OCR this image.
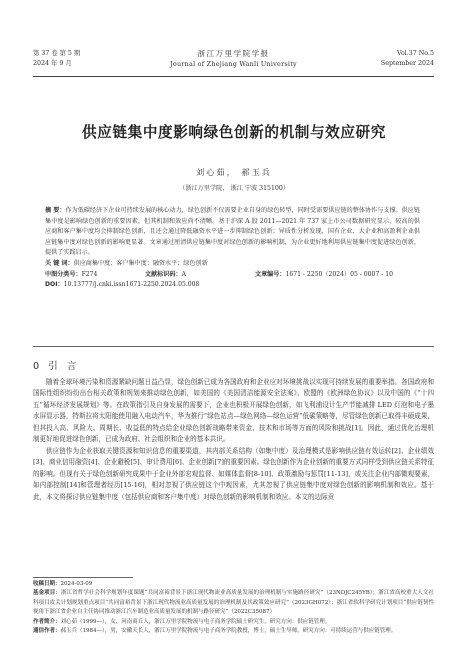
第 37 卷 第 5 期
2024 年 9 月
浙江万里学院学报
Journal of Zhejiang Wanli University
Vol.37 No.5
September 2024
供应链集中度影响绿色创新的机制与效应研究
刘心茹， 郝玉兵
（浙江万里学院， 浙江 宁波 315100）

摘 要：作为低碳经济下企业可持续发展的核心动力，绿色创新不仅需要企业自身的绿色转型，同时受需要供应链的整体协作与支撑。供应链集中度是影响绿色创新的重要因素，但其机制和效应尚不清晰。基于沪深 A 股 2011—2021 年 737 家上市公司数据研究显示，较高的供应商和客户集中度均会抑制绿色创新，且还会通过降低融资水平进一步抑制绿色创新；异质性分析发现，国有企业、大企业和高盈利企业供应链集中度对绿色创新的影响更显著。文章通过厘清供应链集中度对绿色创新的影响机制，为企业更好地利用供应链集中度促进绿色创新，提供了实践启示。

关 键 词：供应商集中度；客户集中度；融资水平；绿色创新

中图分类号：F274	文献标识码：A	文章编号：1671 - 2250（2024）05 - 0007 - 10

DOI：10.13777/j.cnki.issn1671-2250.2024.05.008

0 引 言

随着全球环境污染和资源紧缺问题日益凸显，绿色创新已成为各国政府和企业应对环境挑战以实现可持续发展的重要举措。各国政府和国际性组织纷纷出台相关政策和规划来推动绿色创新，如美国的《美国清洁能源安全法案》、欧盟的《欧洲绿色协议》以及中国的《“十四五”循环经济发展规划》等。在政策指引及自身发展的需要下，企业也积极开展绿色创新，如飞利浦设计生产节能减排 LED 灯泡和电子墨水屏显示器，特斯拉将太阳能使用融入电动汽车，华为推行“绿色站点—绿色网络—绿色运营”低碳策略等，尽管绿色创新已取得丰硕成果，但其投入高、风险大、周期长、收益低的特点给企业绿色创新战略带来资金、技术和市场等方面的风险和挑战[1]。因此，通过优化治理机制更好地促进绿色创新，已成为政府、社会组织和企业的基本共识。

供应链作为企业获取关键资源和知识信息的重要渠道，其内部关系结构（如集中度）及治理模式是影响供应链有效运转[2]、企业绩效[3]、商业信用融资[4]、企业避税[5]、审计费用[6]、企业创新[7]的重要因素。绿色创新作为企业创新的重要方式同样受到供应链关系特征的影响。但现有关于绿色创新研究成果中于企业外部宏观监督、如媒体监督[8-10]、政策激励与惩罚[11-13]，或关注企业内部微观要素，如内部控制[14]和管理者经历[15-16]，相对忽视了供应链这个中观因素，尤其忽视了供应链集中度对绿色创新的影响机制和效应。基于此，本文将探讨供应链集中度（包括供应商和客户集中度）对绿色创新的影响机制和效应。本文的边际贡

收稿日期：2024-03-09

基金项目：浙江省哲学社会科学规划年度课题“共同富裕背景下浙江现代物流业高质量发展的治理机制与实施路径研究”（23NDJC245YB）；浙江省高校重大人文社科项目攻关计划规划重点项目“共同富裕背景下浙江现代物流业高质量发展的治理机制及其政策效应研究”（2023GH072）；浙江省软科学研究计划项目“供应链韧性视角下浙江省企业自主任协同推动浙江汽车制造业高质量发展的机制与路径研究”（2022C35087）

作者简介：刘心茹（1999—），女，河南商丘人，浙江万里学院物流与电子商务学院硕士研究生，研究方向：供应链管理。

通信作者：郝玉兵（1984—），男，安徽天长人，浙江万里学院物流与电子商务学院教授，博士，硕士生导师，研究方向：可持续运营与供应链管理。
